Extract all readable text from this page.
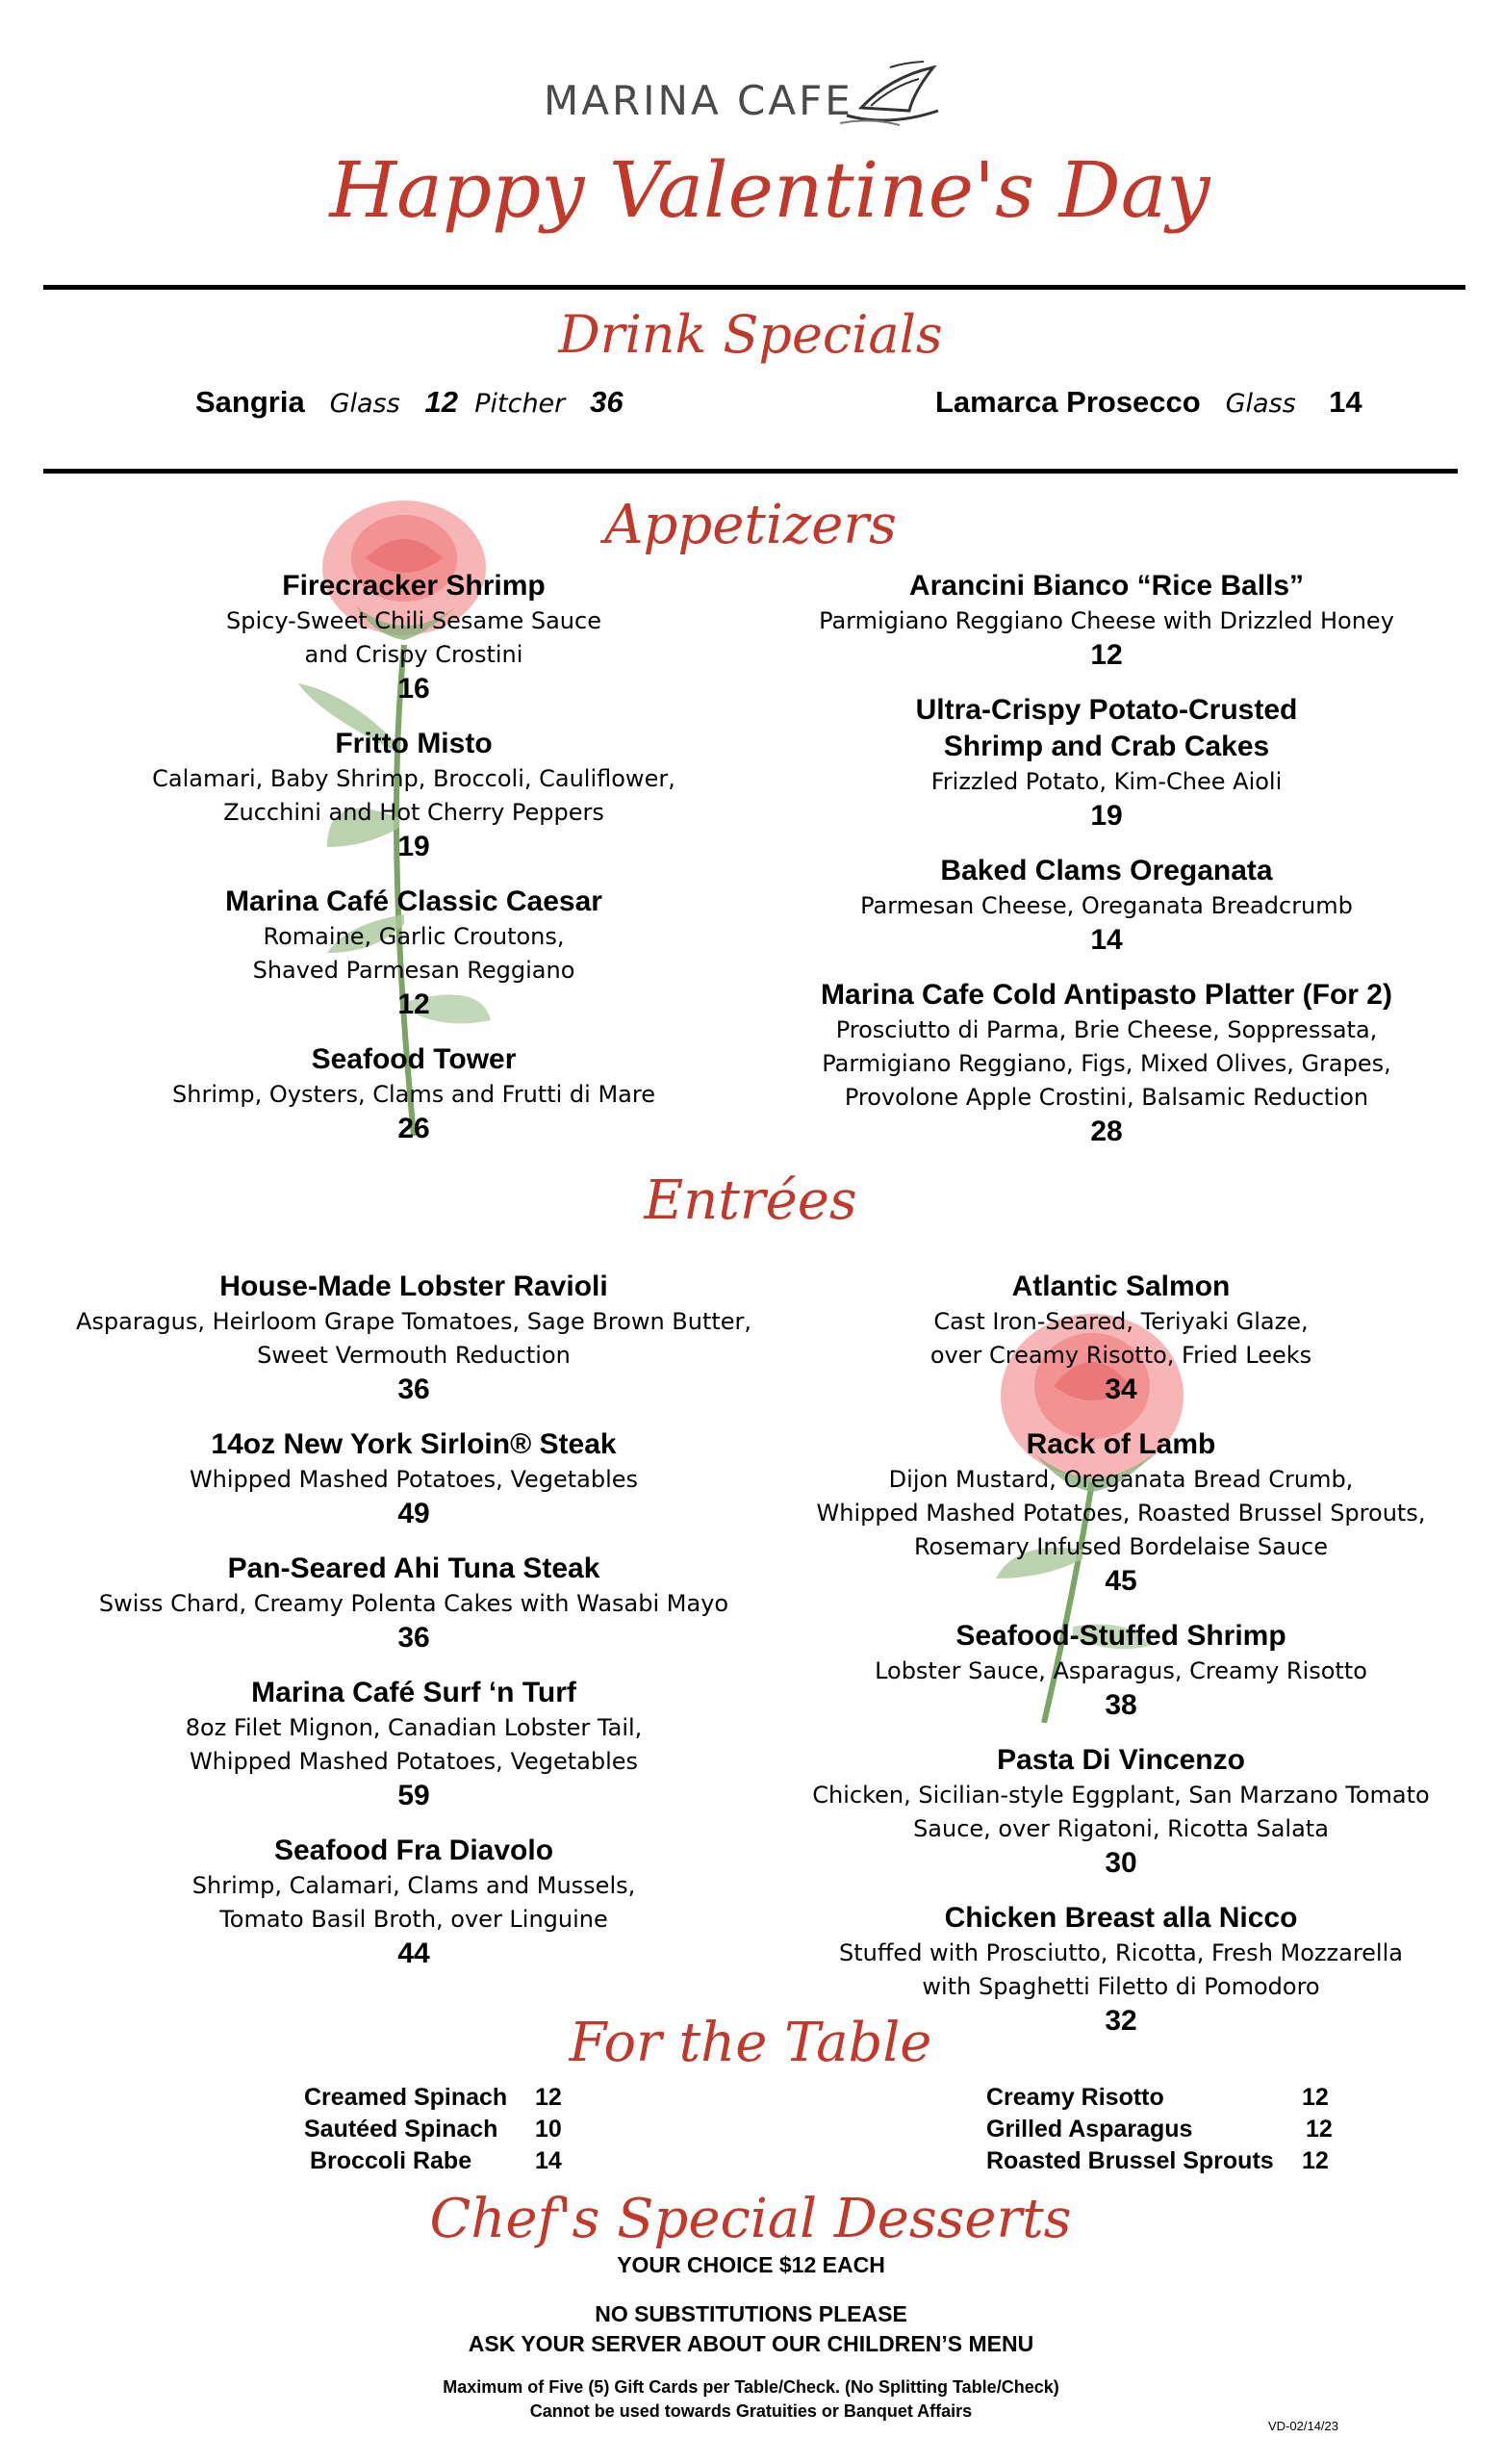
MARINA CAFE
Happy Valentine's Day
Drink Specials
Sangria Glass 12 Pitcher 36	Lamarca Prosecco Glass 14
Appetizers
Firecracker Shrimp
Spicy-Sweet Chili Sesame Sauce
and Crispy Crostini
16
Fritto Misto
Calamari, Baby Shrimp, Broccoli, Cauliflower,
Zucchini and Hot Cherry Peppers
19
Marina Café Classic Caesar
Romaine, Garlic Croutons,
Shaved Parmesan Reggiano
12
Seafood Tower
Shrimp, Oysters, Clams and Frutti di Mare
26
Arancini Bianco “Rice Balls”
Parmigiano Reggiano Cheese with Drizzled Honey
12
Ultra-Crispy Potato-Crusted
Shrimp and Crab Cakes
Frizzled Potato, Kim-Chee Aioli
19
Baked Clams Oreganata
Parmesan Cheese, Oreganata Breadcrumb
14
Marina Cafe Cold Antipasto Platter (For 2)
Prosciutto di Parma, Brie Cheese, Soppressata,
Parmigiano Reggiano, Figs, Mixed Olives, Grapes,
Provolone Apple Crostini, Balsamic Reduction
28
Entrées
House-Made Lobster Ravioli
Asparagus, Heirloom Grape Tomatoes, Sage Brown Butter,
Sweet Vermouth Reduction
36
14oz New York Sirloin® Steak
Whipped Mashed Potatoes, Vegetables
49
Pan-Seared Ahi Tuna Steak
Swiss Chard, Creamy Polenta Cakes with Wasabi Mayo
36
Marina Café Surf ‘n Turf
8oz Filet Mignon, Canadian Lobster Tail,
Whipped Mashed Potatoes, Vegetables
59
Seafood Fra Diavolo
Shrimp, Calamari, Clams and Mussels,
Tomato Basil Broth, over Linguine
44
Atlantic Salmon
Cast Iron-Seared, Teriyaki Glaze,
over Creamy Risotto, Fried Leeks
34
Rack of Lamb
Dijon Mustard, Oreganata Bread Crumb,
Whipped Mashed Potatoes, Roasted Brussel Sprouts,
Rosemary Infused Bordelaise Sauce
45
Seafood-Stuffed Shrimp
Lobster Sauce, Asparagus, Creamy Risotto
38
Pasta Di Vincenzo
Chicken, Sicilian-style Eggplant, San Marzano Tomato
Sauce, over Rigatoni, Ricotta Salata
30
Chicken Breast alla Nicco
Stuffed with Prosciutto, Ricotta, Fresh Mozzarella
with Spaghetti Filetto di Pomodoro
32
For the Table
Creamed Spinach	12
Sautéed Spinach	10
Broccoli Rabe	14
Creamy Risotto	12
Grilled Asparagus	12
Roasted Brussel Sprouts	12
Chef's Special Desserts
YOUR CHOICE $12 EACH
NO SUBSTITUTIONS PLEASE
ASK YOUR SERVER ABOUT OUR CHILDREN’S MENU
Maximum of Five (5) Gift Cards per Table/Check. (No Splitting Table/Check)
Cannot be used towards Gratuities or Banquet Affairs
VD-02/14/23
